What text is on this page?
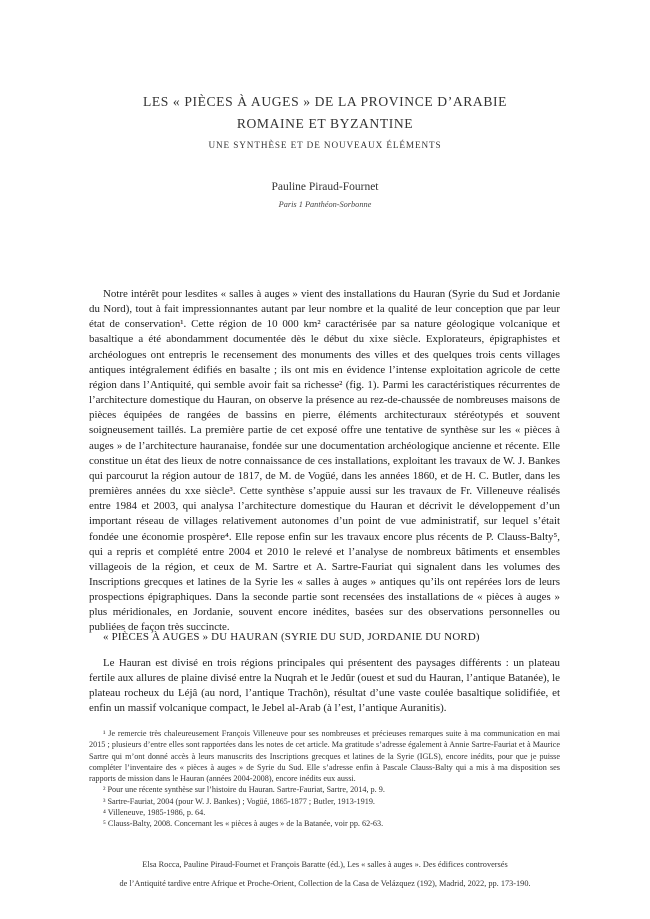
LES « PIÈCES À AUGES » DE LA PROVINCE D’ARABIE
ROMAINE ET BYZANTINE
UNE SYNTHÈSE ET DE NOUVEAUX ÉLÉMENTS
Pauline Piraud-Fournet
Paris 1 Panthéon-Sorbonne

Notre intérêt pour lesdites « salles à auges » vient des installations du Hauran (Syrie du Sud et Jordanie du Nord), tout à fait impressionnantes autant par leur nombre et la qualité de leur conception que par leur état de conservation¹. Cette région de 10 000 km² caractérisée par sa nature géologique volcanique et basaltique a été abondamment documentée dès le début du xixe siècle. Explorateurs, épigraphistes et archéologues ont entrepris le recensement des monuments des villes et des quelques trois cents villages antiques intégralement édifiés en basalte ; ils ont mis en évidence l’intense exploitation agricole de cette région dans l’Antiquité, qui semble avoir fait sa richesse² (fig. 1). Parmi les caractéristiques récurrentes de l’architecture domestique du Hauran, on observe la présence au rez-de-chaussée de nombreuses maisons de pièces équipées de rangées de bassins en pierre, éléments architecturaux stéréotypés et souvent soigneusement taillés. La première partie de cet exposé offre une tentative de synthèse sur les « pièces à auges » de l’architecture hauranaise, fondée sur une documentation archéologique ancienne et récente. Elle constitue un état des lieux de notre connaissance de ces installations, exploitant les travaux de W. J. Bankes qui parcourut la région autour de 1817, de M. de Vogüé, dans les années 1860, et de H. C. Butler, dans les premières années du xxe siècle³. Cette synthèse s’appuie aussi sur les travaux de Fr. Villeneuve réalisés entre 1984 et 2003, qui analysa l’architecture domestique du Hauran et décrivit le développement d’un important réseau de villages relativement autonomes d’un point de vue administratif, sur lequel s’était fondée une économie prospère⁴. Elle repose enfin sur les travaux encore plus récents de P. Clauss-Balty⁵, qui a repris et complété entre 2004 et 2010 le relevé et l’analyse de nombreux bâtiments et ensembles villageois de la région, et ceux de M. Sartre et A. Sartre-Fauriat qui signalent dans les volumes des Inscriptions grecques et latines de la Syrie les « salles à auges » antiques qu’ils ont repérées lors de leurs prospections épigraphiques. Dans la seconde partie sont recensées des installations de « pièces à auges » plus méridionales, en Jordanie, souvent encore inédites, basées sur des observations personnelles ou publiées de façon très succincte.

« PIÈCES À AUGES » DU HAURAN (SYRIE DU SUD, JORDANIE DU NORD)

Le Hauran est divisé en trois régions principales qui présentent des paysages différents : un plateau fertile aux allures de plaine divisé entre la Nuqrah et le Jedûr (ouest et sud du Hauran, l’antique Batanée), le plateau rocheux du Léjâ (au nord, l’antique Trachôn), résultat d’une vaste coulée basaltique solidifiée, et enfin un massif volcanique compact, le Jebel al-Arab (à l’est, l’antique Auranitis).

¹ Je remercie très chaleureusement François Villeneuve pour ses nombreuses et précieuses remarques suite à ma communication en mai 2015 ; plusieurs d’entre elles sont rapportées dans les notes de cet article. Ma gratitude s’adresse également à Annie Sartre-Fauriat et à Maurice Sartre qui m’ont donné accès à leurs manuscrits des Inscriptions grecques et latines de la Syrie (IGLS), encore inédits, pour que je puisse compléter l’inventaire des « pièces à auges » de Syrie du Sud. Elle s’adresse enfin à Pascale Clauss-Balty qui a mis à ma disposition ses rapports de mission dans le Hauran (années 2004-2008), encore inédits eux aussi.

² Pour une récente synthèse sur l’histoire du Hauran. Sartre-Fauriat, Sartre, 2014, p. 9.

³ Sartre-Fauriat, 2004 (pour W. J. Bankes) ; Vogüé, 1865-1877 ; Butler, 1913-1919.

⁴ Villeneuve, 1985-1986, p. 64.

⁵ Clauss-Balty, 2008. Concernant les « pièces à auges » de la Batanée, voir pp. 62-63.

Elsa Rocca, Pauline Piraud-Fournet et François Baratte (éd.), Les « salles à auges ». Des édifices controversés
de l’Antiquité tardive entre Afrique et Proche-Orient, Collection de la Casa de Velázquez (192), Madrid, 2022, pp. 173-190.
